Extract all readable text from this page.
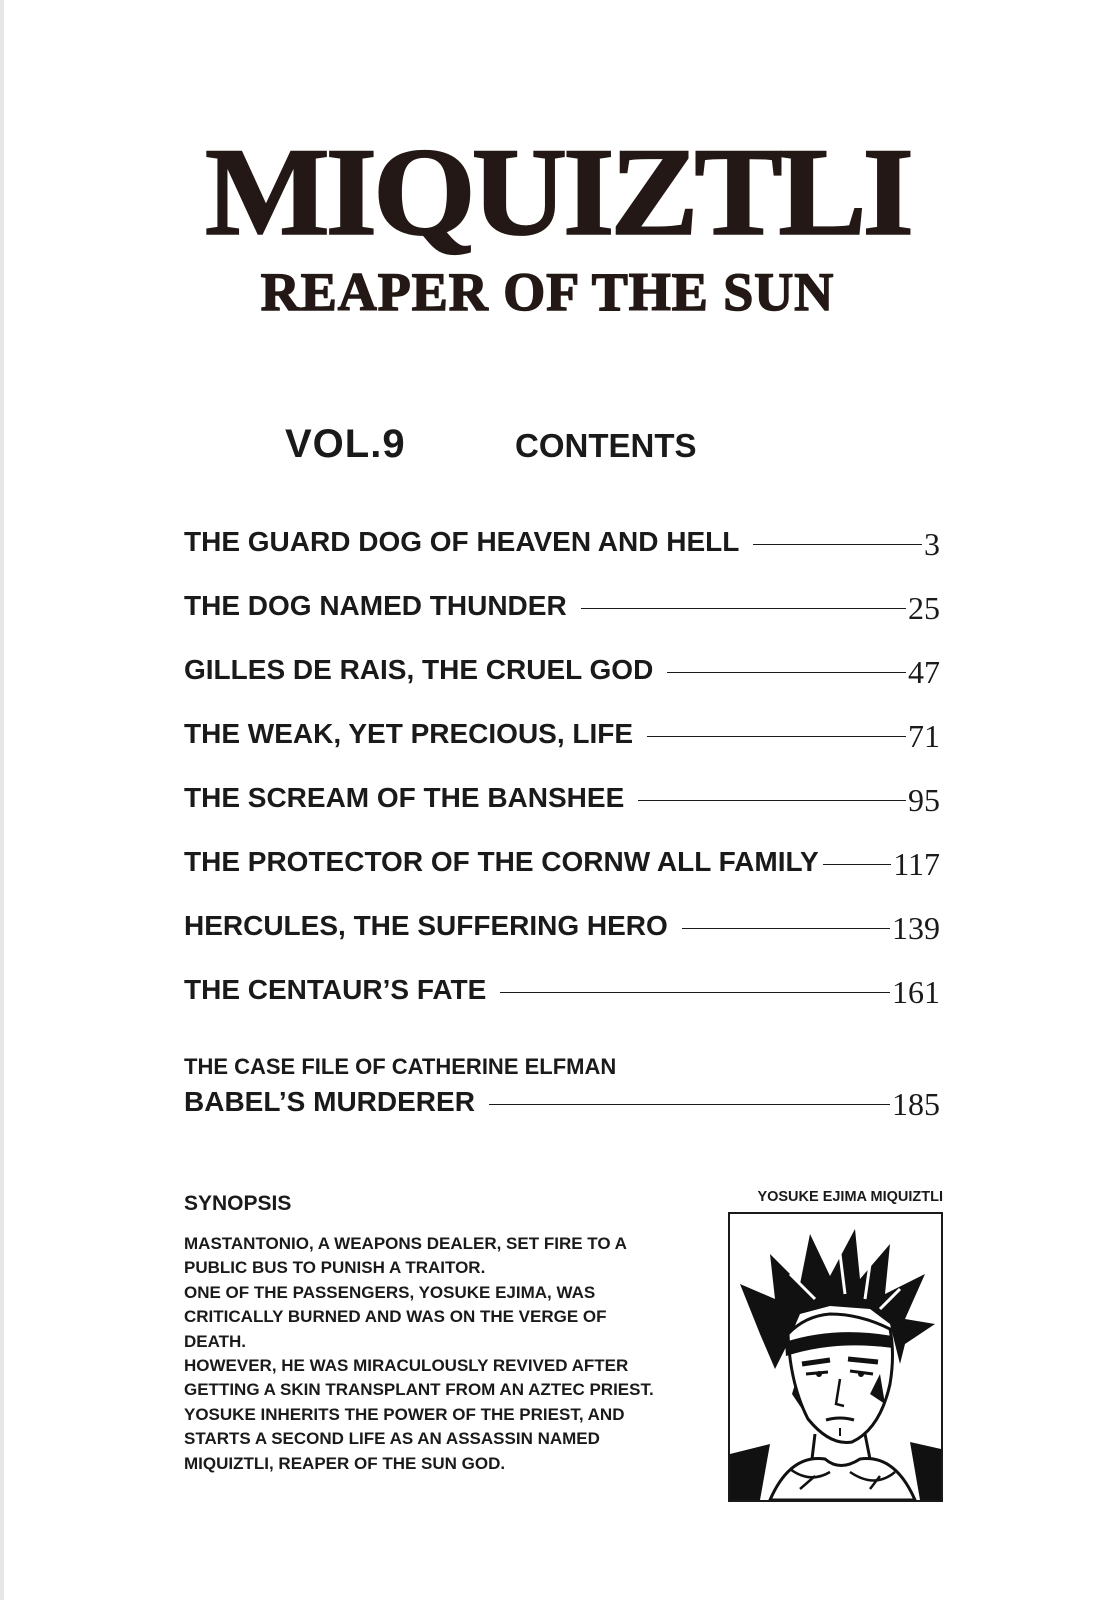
MIQUIZTLI
REAPER OF THE SUN
VOL.9	CONTENTS
THE GUARD DOG OF HEAVEN AND HELL	3
THE DOG NAMED THUNDER	25
GILLES DE RAIS, THE CRUEL GOD	47
THE WEAK, YET PRECIOUS, LIFE	71
THE SCREAM OF THE BANSHEE	95
THE PROTECTOR OF THE CORNW ALL FAMILY 117
HERCULES, THE SUFFERING HERO	139
THE CENTAUR’S FATE	161
THE CASE FILE OF CATHERINE ELFMAN
BABEL’S MURDERER	185
SYNOPSIS
MASTANTONIO, A WEAPONS DEALER, SET FIRE TO A
PUBLIC BUS TO PUNISH A TRAITOR.
ONE OF THE PASSENGERS, YOSUKE EJIMA, WAS
CRITICALLY BURNED AND WAS ON THE VERGE OF
DEATH.
HOWEVER, HE WAS MIRACULOUSLY REVIVED AFTER
GETTING A SKIN TRANSPLANT FROM AN AZTEC PRIEST.
YOSUKE INHERITS THE POWER OF THE PRIEST, AND
STARTS A SECOND LIFE AS AN ASSASSIN NAMED
MIQUIZTLI, REAPER OF THE SUN GOD.
YOSUKE EJIMA MIQUIZTLI
